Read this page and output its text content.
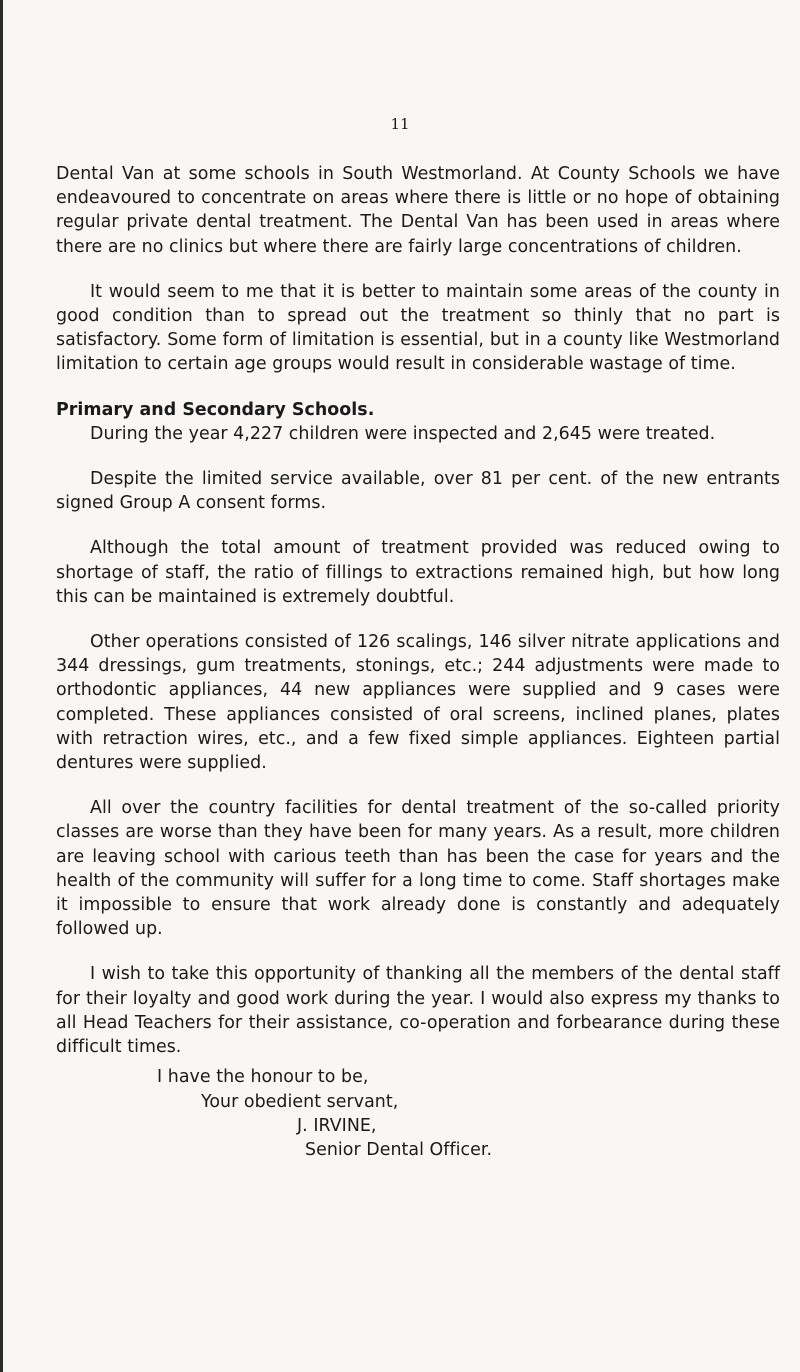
11

Dental Van at some schools in South Westmorland. At County Schools we have endeavoured to concentrate on areas where there is little or no hope of obtaining regular private dental treatment. The Dental Van has been used in areas where there are no clinics but where there are fairly large concentrations of children.

It would seem to me that it is better to maintain some areas of the county in good condition than to spread out the treatment so thinly that no part is satisfactory. Some form of limitation is essential, but in a county like Westmorland limitation to certain age groups would result in considerable wastage of time.

Primary and Secondary Schools.

During the year 4,227 children were inspected and 2,645 were treated.

Despite the limited service available, over 81 per cent. of the new entrants signed Group A consent forms.

Although the total amount of treatment provided was reduced owing to shortage of staff, the ratio of fillings to extractions remained high, but how long this can be maintained is extremely doubtful.

Other operations consisted of 126 scalings, 146 silver nitrate applications and 344 dressings, gum treatments, stonings, etc.; 244 adjustments were made to orthodontic appliances, 44 new appliances were supplied and 9 cases were completed. These appliances consisted of oral screens, inclined planes, plates with retraction wires, etc., and a few fixed simple appliances. Eighteen partial dentures were supplied.

All over the country facilities for dental treatment of the so-called priority classes are worse than they have been for many years. As a result, more children are leaving school with carious teeth than has been the case for years and the health of the community will suffer for a long time to come. Staff shortages make it impossible to ensure that work already done is constantly and adequately followed up.

I wish to take this opportunity of thanking all the members of the dental staff for their loyalty and good work during the year. I would also express my thanks to all Head Teachers for their assistance, co-operation and forbearance during these difficult times.

I have the honour to be,
Your obedient servant,
J. IRVINE,
Senior Dental Officer.
